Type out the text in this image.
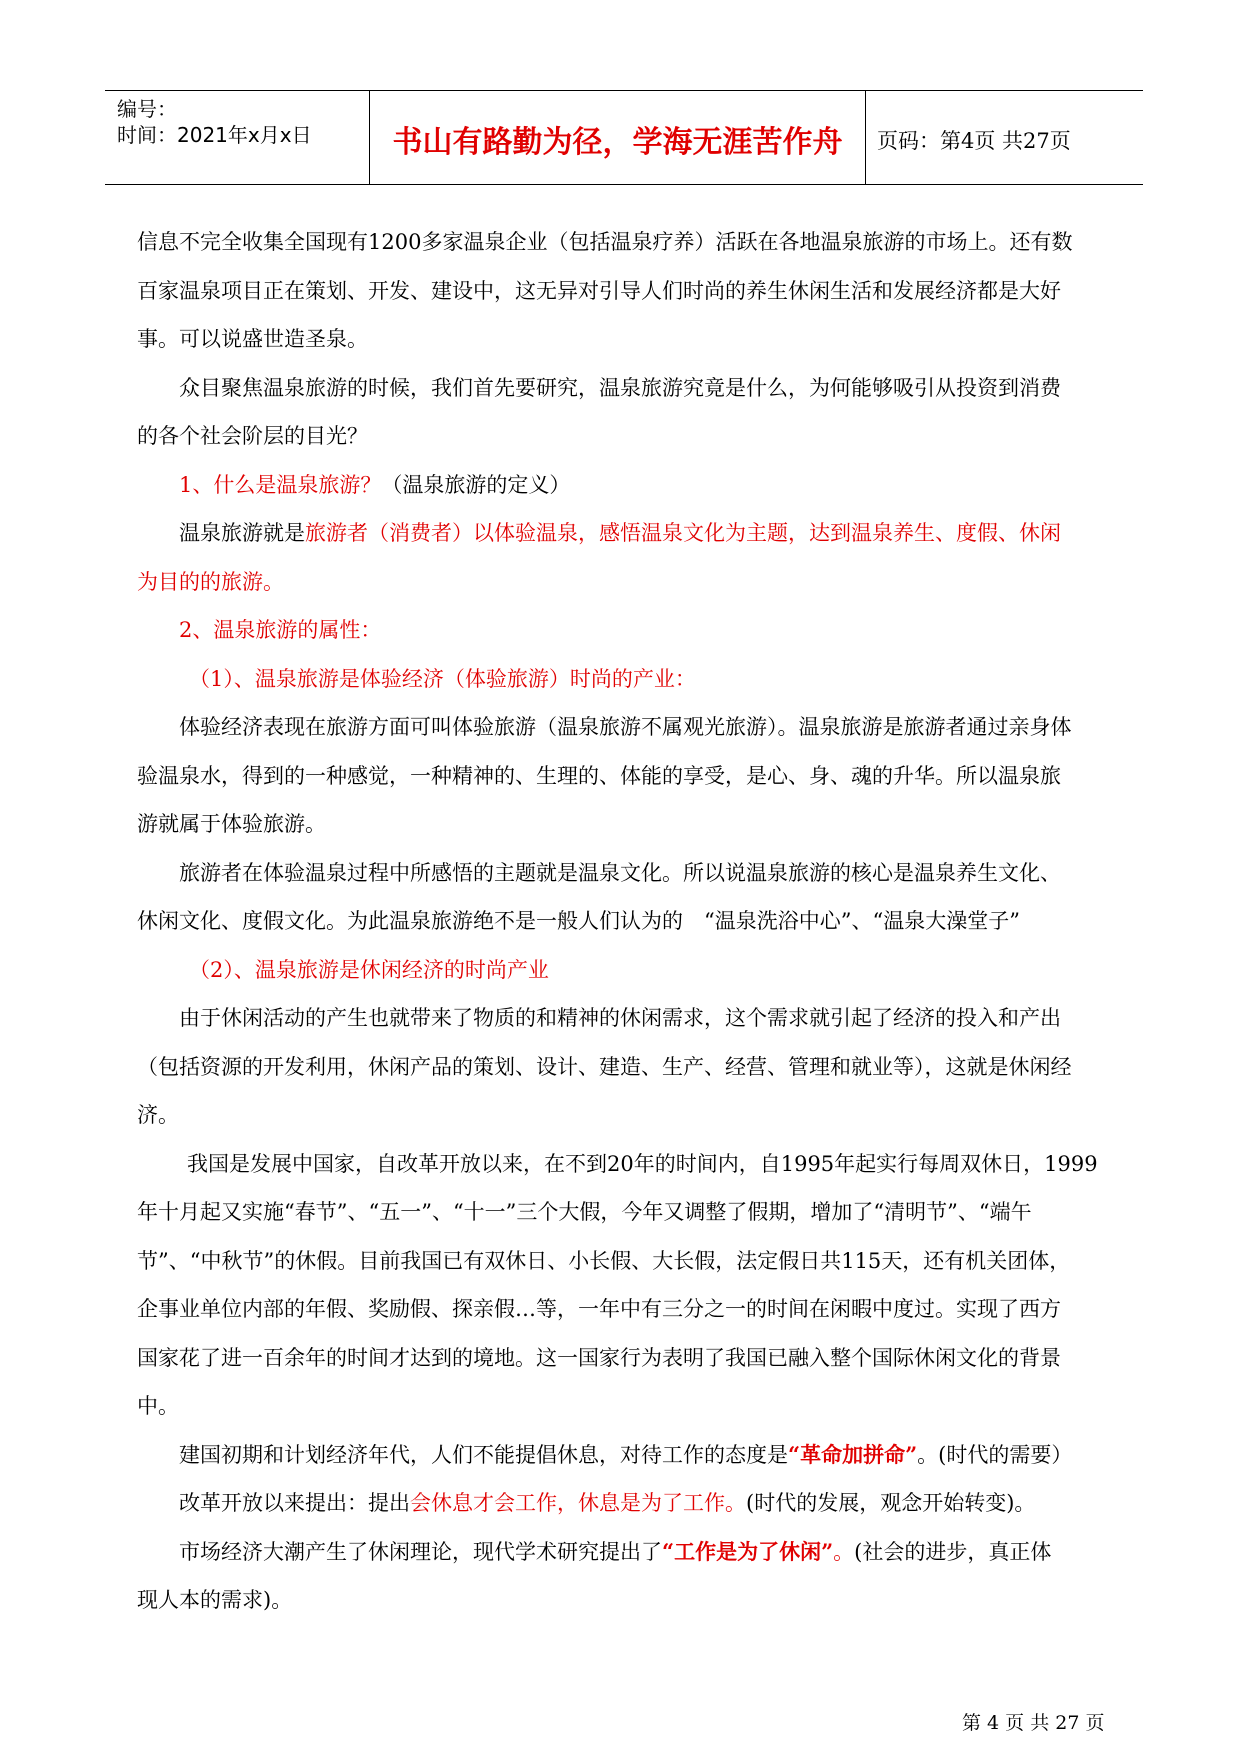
编号：
时间：2021年x月x日	书山有路勤为径，学海无涯苦作舟	页码：第4页 共27页
信息不完全收集全国现有1200多家温泉企业（包括温泉疗养）活跃在各地温泉旅游的市场上。还有数
百家温泉项目正在策划、开发、建设中，这无异对引导人们时尚的养生休闲生活和发展经济都是大好
事。可以说盛世造圣泉。
众目聚焦温泉旅游的时候，我们首先要研究，温泉旅游究竟是什么，为何能够吸引从投资到消费
的各个社会阶层的目光？
1、什么是温泉旅游？（温泉旅游的定义）
温泉旅游就是旅游者（消费者）以体验温泉，感悟温泉文化为主题，达到温泉养生、度假、休闲
为目的的旅游。
2、温泉旅游的属性：
（1）、温泉旅游是体验经济（体验旅游）时尚的产业：
体验经济表现在旅游方面可叫体验旅游（温泉旅游不属观光旅游）。温泉旅游是旅游者通过亲身体
验温泉水，得到的一种感觉，一种精神的、生理的、体能的享受，是心、身、魂的升华。所以温泉旅
游就属于体验旅游。
旅游者在体验温泉过程中所感悟的主题就是温泉文化。所以说温泉旅游的核心是温泉养生文化、
休闲文化、度假文化。为此温泉旅游绝不是一般人们认为的　“温泉洗浴中心”、“温泉大澡堂子”
（2）、温泉旅游是休闲经济的时尚产业
由于休闲活动的产生也就带来了物质的和精神的休闲需求，这个需求就引起了经济的投入和产出
（包括资源的开发利用，休闲产品的策划、设计、建造、生产、经营、管理和就业等），这就是休闲经
济。
我国是发展中国家，自改革开放以来，在不到20年的时间内，自1995年起实行每周双休日，1999
年十月起又实施“春节”、“五一”、“十一”三个大假，今年又调整了假期，增加了“清明节”、“端午
节”、“中秋节”的休假。目前我国已有双休日、小长假、大长假，法定假日共115天，还有机关团体，
企事业单位内部的年假、奖励假、探亲假…等，一年中有三分之一的时间在闲暇中度过。实现了西方
国家花了进一百余年的时间才达到的境地。这一国家行为表明了我国已融入整个国际休闲文化的背景
中。
建国初期和计划经济年代，人们不能提倡休息，对待工作的态度是“革命加拼命”。(时代的需要）
改革开放以来提出：提出会休息才会工作，休息是为了工作。(时代的发展，观念开始转变)。
市场经济大潮产生了休闲理论，现代学术研究提出了“工作是为了休闲”。(社会的进步，真正体
现人本的需求)。
第 4 页 共 27 页
